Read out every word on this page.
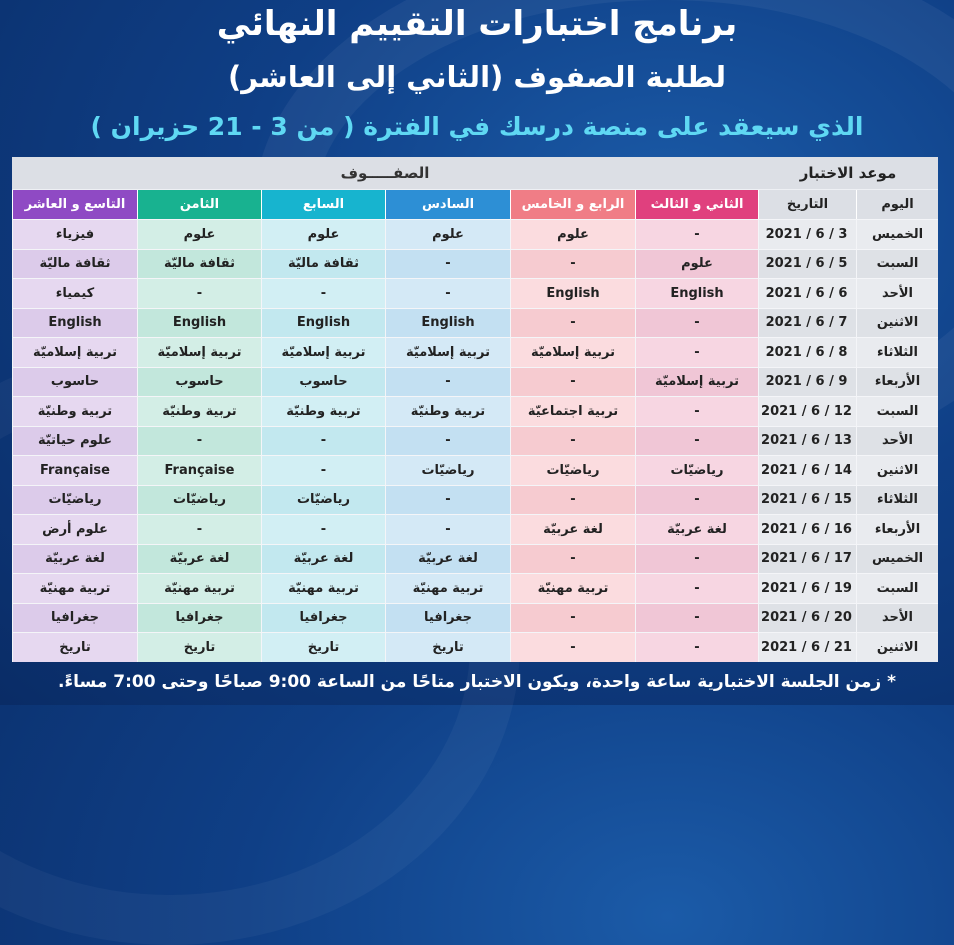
برنامج اختبارات التقييم النهائي
لطلبة الصفوف (الثاني إلى العاشر)
الذي سيعقد على منصة درسك في الفترة ( من 3 - 21 حزيران )
موعد الاختبار
الصفـــــوف
اليوم	التاريخ	الثاني و الثالث	الرابع و الخامس	السادس	السابع	الثامن	التاسع و العاشر
الخميس	2021 / 6 / 3	-	علوم	علوم	علوم	علوم	فيزياء
السبت	2021 / 6 / 5	علوم	-	-	ثقافة ماليّة	ثقافة ماليّة	ثقافة ماليّة
الأحد	2021 / 6 / 6	English	English	-	-	-	كيمياء
الاثنين	2021 / 6 / 7	-	-	English	English	English	English
الثلاثاء	2021 / 6 / 8	-	تربية إسلاميّة	تربية إسلاميّة	تربية إسلاميّة	تربية إسلاميّة	تربية إسلاميّة
الأربعاء	2021 / 6 / 9	تربية إسلاميّة	-	-	حاسوب	حاسوب	حاسوب
السبت	2021 / 6 / 12	-	تربية اجتماعيّة	تربية وطنيّة	تربية وطنيّة	تربية وطنيّة	تربية وطنيّة
الأحد	2021 / 6 / 13	-	-	-	-	-	علوم حياتيّة
الاثنين	2021 / 6 / 14	رياضيّات	رياضيّات	رياضيّات	-	Française	Française
الثلاثاء	2021 / 6 / 15	-	-	-	رياضيّات	رياضيّات	رياضيّات
الأربعاء	2021 / 6 / 16	لغة عربيّة	لغة عربيّة	-	-	-	علوم أرض
الخميس	2021 / 6 / 17	-	-	لغة عربيّة	لغة عربيّة	لغة عربيّة	لغة عربيّة
السبت	2021 / 6 / 19	-	تربية مهنيّة	تربية مهنيّة	تربية مهنيّة	تربية مهنيّة	تربية مهنيّة
الأحد	2021 / 6 / 20	-	-	جغرافيا	جغرافيا	جغرافيا	جغرافيا
الاثنين	2021 / 6 / 21	-	-	تاريخ	تاريخ	تاريخ	تاريخ
* زمن الجلسة الاختبارية ساعة واحدة، ويكون الاختبار متاحًا من الساعة 9:00 صباحًا وحتى 7:00 مساءً.
